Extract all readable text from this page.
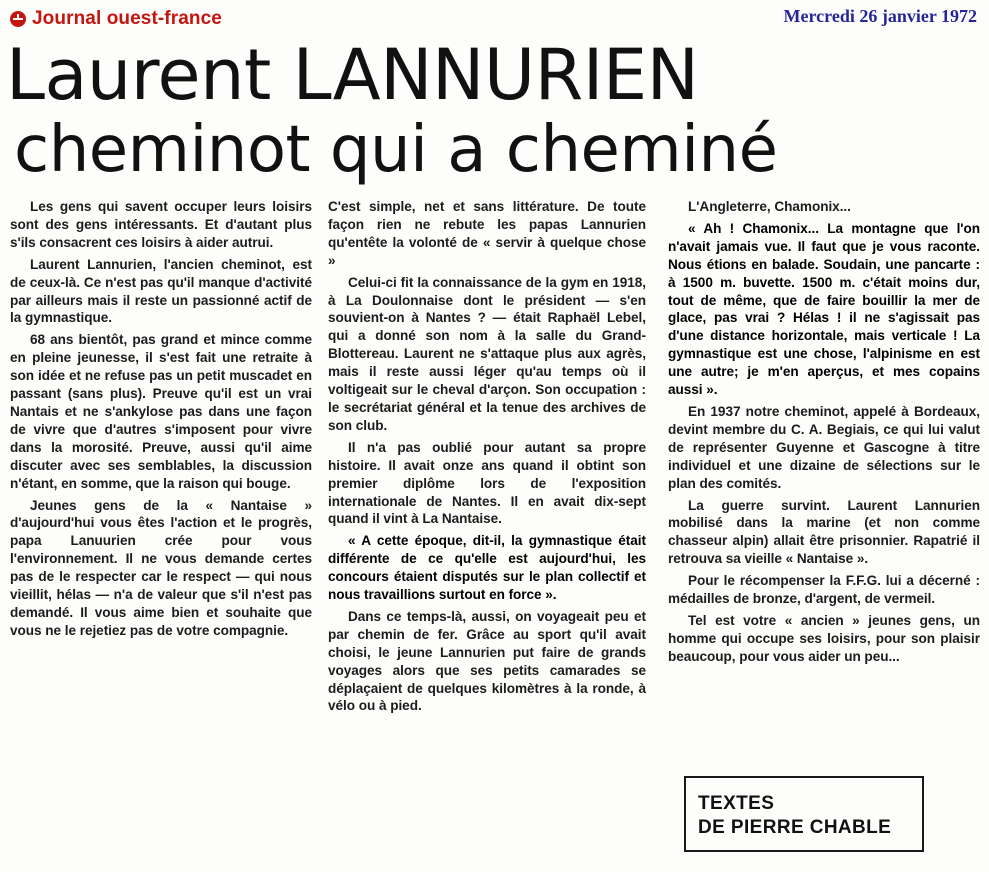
Journal ouest-france	Mercredi 26 janvier 1972
Laurent LANNURIEN
cheminot qui a cheminé

Les gens qui savent occuper leurs loisirs sont des gens intéressants. Et d'autant plus s'ils consacrent ces loisirs à aider autrui.

Laurent Lannurien, l'ancien cheminot, est de ceux-là. Ce n'est pas qu'il manque d'activité par ailleurs mais il reste un passionné actif de la gymnastique.

68 ans bientôt, pas grand et mince comme en pleine jeunesse, il s'est fait une retraite à son idée et ne refuse pas un petit muscadet en passant (sans plus). Preuve qu'il est un vrai Nantais et ne s'ankylose pas dans une façon de vivre que d'autres s'imposent pour vivre dans la morosité. Preuve, aussi qu'il aime discuter avec ses semblables, la discussion n'étant, en somme, que la raison qui bouge.

Jeunes gens de la « Nantaise » d'aujourd'hui vous êtes l'action et le progrès, papa Lanuurien crée pour vous l'environnement. Il ne vous demande certes pas de le respecter car le respect — qui nous vieillit, hélas — n'a de valeur que s'il n'est pas demandé. Il vous aime bien et souhaite que vous ne le rejetiez pas de votre compagnie.

C'est simple, net et sans littérature. De toute façon rien ne rebute les papas Lannurien qu'entête la volonté de « servir à quelque chose »

Celui-ci fit la connaissance de la gym en 1918, à La Doulonnaise dont le président — s'en souvient-on à Nantes ? — était Raphaël Lebel, qui a donné son nom à la salle du Grand-Blottereau. Laurent ne s'attaque plus aux agrès, mais il reste aussi léger qu'au temps où il voltigeait sur le cheval d'arçon. Son occupation : le secrétariat général et la tenue des archives de son club.

Il n'a pas oublié pour autant sa propre histoire. Il avait onze ans quand il obtint son premier diplôme lors de l'exposition internationale de Nantes. Il en avait dix-sept quand il vint à La Nantaise.

« A cette époque, dit-il, la gymnastique était différente de ce qu'elle est aujourd'hui, les concours étaient disputés sur le plan collectif et nous travaillions surtout en force ».

Dans ce temps-là, aussi, on voyageait peu et par chemin de fer. Grâce au sport qu'il avait choisi, le jeune Lannurien put faire de grands voyages alors que ses petits camarades se déplaçaient de quelques kilomètres à la ronde, à vélo ou à pied.

L'Angleterre, Chamonix...

« Ah ! Chamonix... La montagne que l'on n'avait jamais vue. Il faut que je vous raconte. Nous étions en balade. Soudain, une pancarte : à 1500 m. buvette. 1500 m. c'était moins dur, tout de même, que de faire bouillir la mer de glace, pas vrai ? Hélas ! il ne s'agissait pas d'une distance horizontale, mais verticale ! La gymnastique est une chose, l'alpinisme en est une autre; je m'en aperçus, et mes copains aussi ».

En 1937 notre cheminot, appelé à Bordeaux, devint membre du C. A. Begiais, ce qui lui valut de représenter Guyenne et Gascogne à titre individuel et une dizaine de sélections sur le plan des comités.

La guerre survint. Laurent Lannurien mobilisé dans la marine (et non comme chasseur alpin) allait être prisonnier. Rapatrié il retrouva sa vieille « Nantaise ».

Pour le récompenser la F.F.G. lui a décerné : médailles de bronze, d'argent, de vermeil.

Tel est votre « ancien » jeunes gens, un homme qui occupe ses loisirs, pour son plaisir beaucoup, pour vous aider un peu...

TEXTES
DE PIERRE CHABLE
